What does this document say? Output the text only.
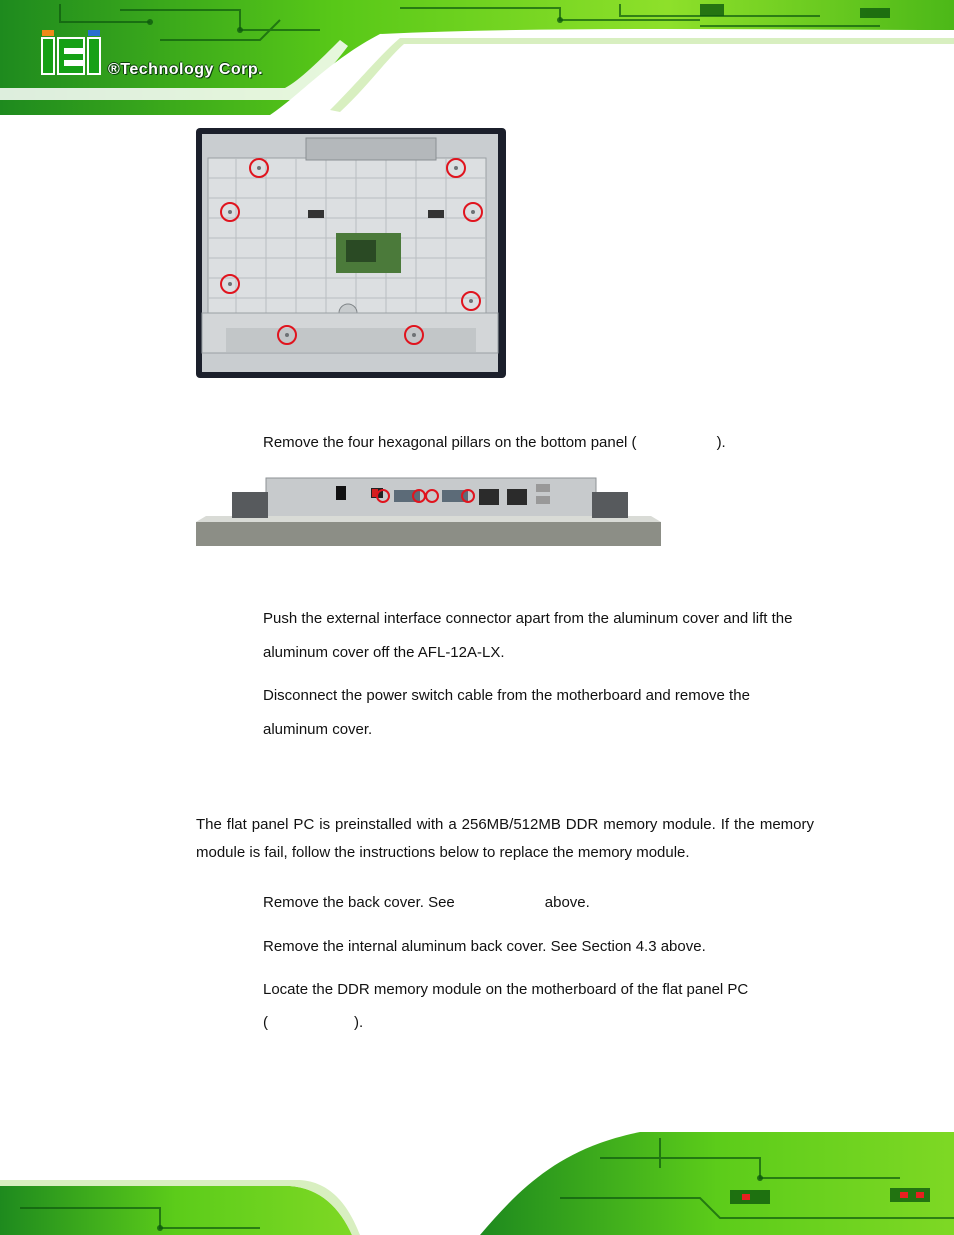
®Technology Corp.
Remove the four hexagonal pillars on the bottom panel (	).
Push the external interface connector apart from the aluminum cover and lift the
aluminum cover off the AFL-12A-LX.
Disconnect the power switch cable from the motherboard and remove the
aluminum cover.
The flat panel PC is preinstalled with a 256MB/512MB DDR memory module. If the memory module is fail, follow the instructions below to replace the memory module.
Remove the back cover. See	above.
Remove the internal aluminum back cover. See Section 4.3 above.
Locate the DDR memory module on the motherboard of the flat panel PC
(	).
